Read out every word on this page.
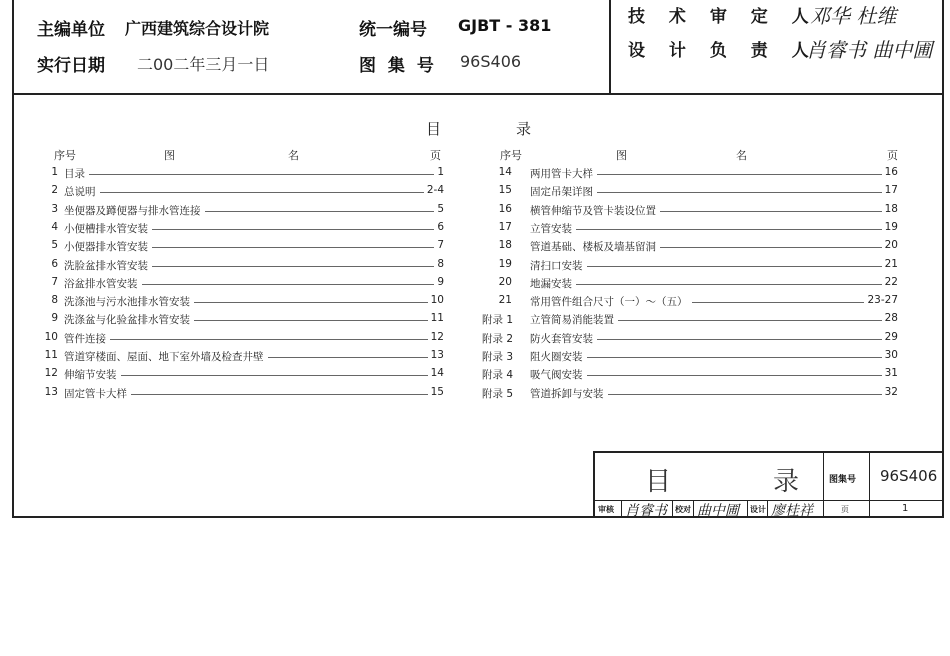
主编单位 广西建筑综合设计院
实行日期 二00二年三月一日
统一编号 GJBT - 381
图 集 号 96S406
技 术 审 定 人
邓华 杜维
设 计 负 责 人
肖睿书 曲中圃
目	录
序号	图	名	页	序号	图	名	页
1 目录	1
2 总说明	2-4
3 坐便器及蹲便器与排水管连接	5
4 小便槽排水管安装	6
5 小便器排水管安装	7
6 洗脸盆排水管安装	8
7 浴盆排水管安装	9
8 洗涤池与污水池排水管安装	10
9 洗涤盆与化验盆排水管安装	11
10 管件连接	12
11 管道穿楼面、屋面、地下室外墙及检查井壁	13
12 伸缩节安装	14
13 固定管卡大样	15
14 两用管卡大样	16
15 固定吊架详图	17
16 横管伸缩节及管卡装设位置	18
17 立管安装	19
18 管道基础、楼板及墙基留洞	20
19 清扫口安装	21
20 地漏安装	22
21 常用管件组合尺寸（一）～（五）	23-27
附录 1 立管简易消能装置	28
附录 2 防火套管安装	29
附录 3 阻火圈安装	30
附录 4 吸气阀安装	31
附录 5 管道拆卸与安装	32
目	录	图集号 96S406
审核 肖睿书 校对 曲中圃 设计 廖桂祥	页	1
